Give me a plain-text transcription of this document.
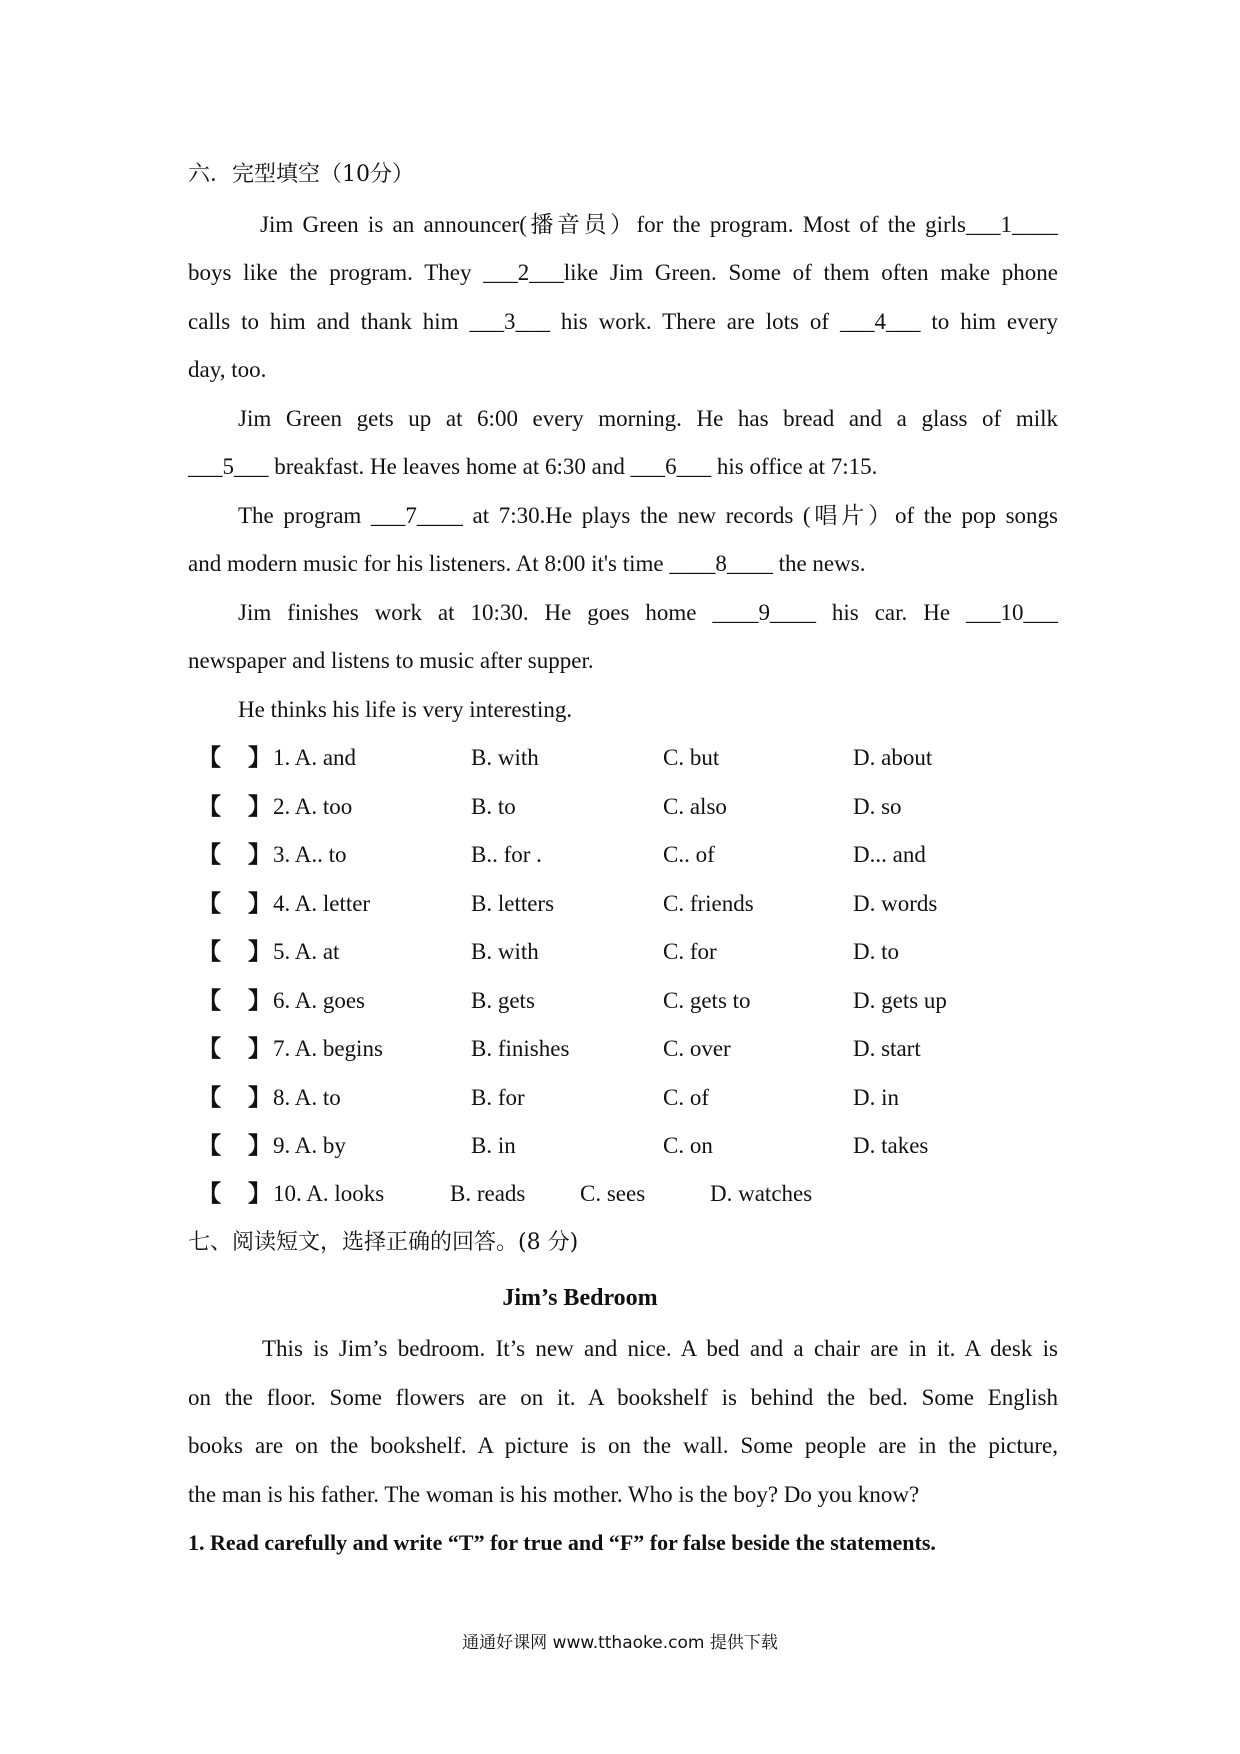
六．完型填空（10分）
Jim Green is an announcer(播音员）for the program. Most of the girls___1____
boys like the program. They ___2___like Jim Green. Some of them often make phone
calls to him and thank him ___3___ his work. There are lots of ___4___ to him every
day, too.
Jim Green gets up at 6:00 every morning. He has bread and a glass of milk
___5___ breakfast. He leaves home at 6:30 and ___6___ his office at 7:15.
The program ___7____ at 7:30.He plays the new records (唱片）of the pop songs
and modern music for his listeners. At 8:00 it's time ____8____ the news.
Jim finishes work at 10:30. He goes home ____9____ his car. He ___10___
newspaper and listens to music after supper.
He thinks his life is very interesting.
【 】 1. A. and	B. with	C. but	D. about
【 】 2. A. too	B. to	C. also	D. so
【 】 3. A.. to	B.. for .	C.. of	D... and
【 】 4. A. letter	B. letters	C. friends	D. words
【 】 5. A. at	B. with	C. for	D. to
【 】 6. A. goes	B. gets	C. gets to	D. gets up
【 】 7. A. begins	B. finishes	C. over	D. start
【 】 8. A. to	B. for	C. of	D. in
【 】 9. A. by	B. in	C. on	D. takes
【 】 10. A. looks	B. reads C. sees	D. watches
七、阅读短文，选择正确的回答。(8 分)
Jim’s Bedroom
This is Jim’s bedroom. It’s new and nice. A bed and a chair are in it. A desk is
on the floor. Some flowers are on it. A bookshelf is behind the bed. Some English
books are on the bookshelf. A picture is on the wall. Some people are in the picture,
the man is his father. The woman is his mother. Who is the boy? Do you know?
1. Read carefully and write “T” for true and “F” for false beside the statements.
通通好课网 www.tthaoke.com 提供下载
